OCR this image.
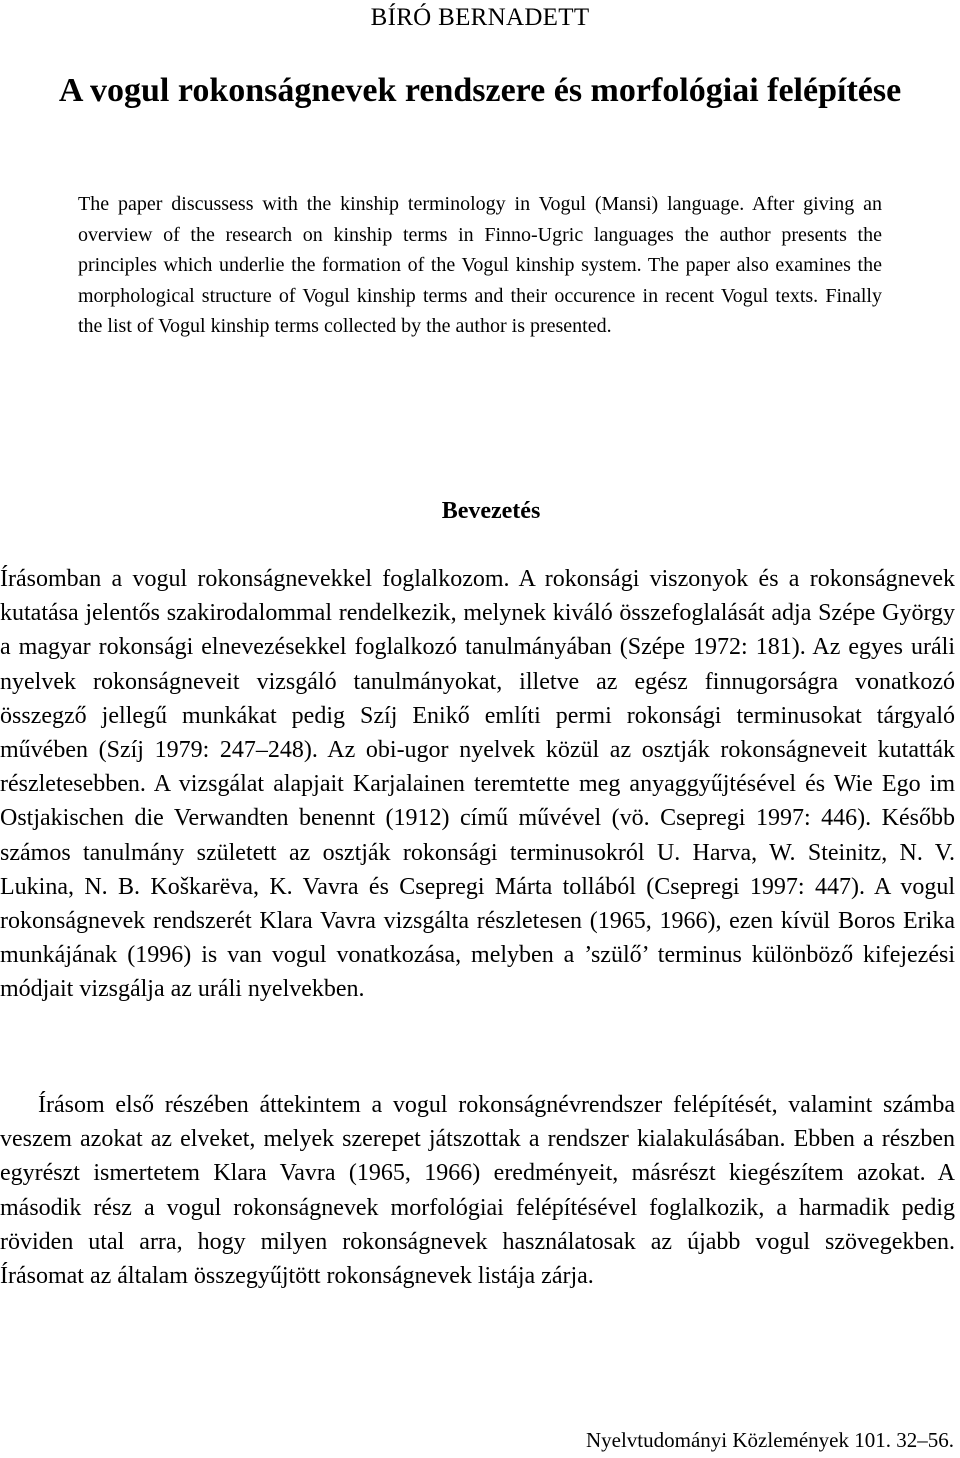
BÍRÓ BERNADETT
A vogul rokonságnevek rendszere és morfológiai felépítése

The paper discussess with the kinship terminology in Vogul (Mansi) language. After giving an overview of the research on kinship terms in Finno-Ugric languages the author presents the principles which underlie the formation of the Vogul kinship system. The paper also examines the morphological structure of Vogul kinship terms and their occurence in recent Vogul texts. Finally the list of Vogul kinship terms collected by the author is presented.

Bevezetés

Írásomban a vogul rokonságnevekkel foglalkozom. A rokonsági viszonyok és a rokonságnevek kutatása jelentős szakirodalommal rendelkezik, melynek kiváló összefoglalását adja Szépe György a magyar rokonsági elnevezésekkel foglalkozó tanulmányában (Szépe 1972: 181). Az egyes uráli nyelvek rokonságneveit vizsgáló tanulmányokat, illetve az egész finnugorságra vonatkozó összegző jellegű munkákat pedig Szíj Enikő említi permi rokonsági terminusokat tárgyaló művében (Szíj 1979: 247–248). Az obi-ugor nyelvek közül az osztják rokonságneveit kutatták részletesebben. A vizsgálat alapjait Karjalainen teremtette meg anyaggyűjtésével és Wie Ego im Ostjakischen die Verwandten benennt (1912) című művével (vö. Csepregi 1997: 446). Később számos tanulmány született az osztják rokonsági terminusokról U. Harva, W. Steinitz, N. V. Lukina, N. B. Koškarëva, K. Vavra és Csepregi Márta tollából (Csepregi 1997: 447). A vogul rokonságnevek rendszerét Klara Vavra vizsgálta részletesen (1965, 1966), ezen kívül Boros Erika munkájának (1996) is van vogul vonatkozása, melyben a ’szülő’ terminus különböző kifejezési módjait vizsgálja az uráli nyelvekben.

Írásom első részében áttekintem a vogul rokonságnévrendszer felépítését, valamint számba veszem azokat az elveket, melyek szerepet játszottak a rendszer kialakulásában. Ebben a részben egyrészt ismertetem Klara Vavra (1965, 1966) eredményeit, másrészt kiegészítem azokat. A második rész a vogul rokonságnevek morfológiai felépítésével foglalkozik, a harmadik pedig röviden utal arra, hogy milyen rokonságnevek használatosak az újabb vogul szövegekben. Írásomat az általam összegyűjtött rokonságnevek listája zárja.

Nyelvtudományi Közlemények 101. 32–56.
